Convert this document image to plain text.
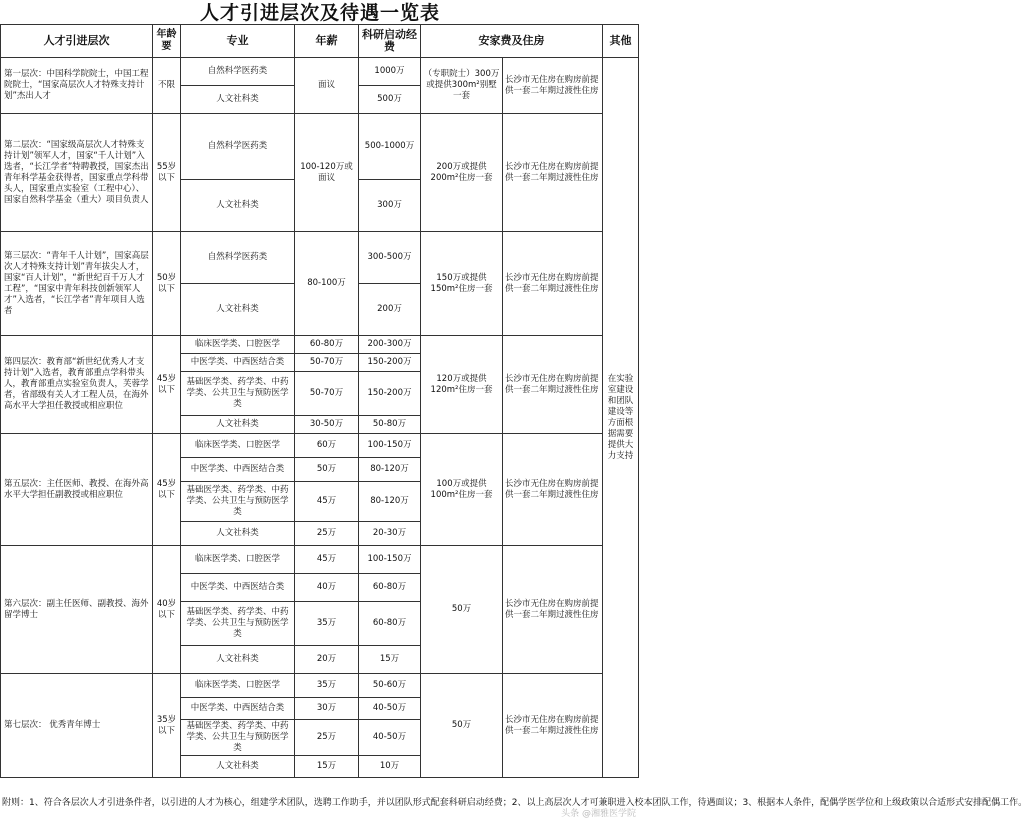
人才引进层次及待遇一览表
人才引进层次	年龄要	专业	年薪	科研启动经费	安家费及住房		其他
第一层次：中国科学院院士，中国工程院院士，“国家高层次人才特殊支持计划”杰出人才	不限	自然科学医药类	面议	1000万	（专职院士）300万或提供300m²别墅一套	长沙市无住房在购房前提供一套二年期过渡性住房	在实验室建设和团队建设等方面根据需要提供大力支持
		人文社科类		500万			
第二层次：“国家级高层次人才特殊支持计划”领军人才，国家“千人计划”入选者，“长江学者”特聘教授，国家杰出青年科学基金获得者，国家重点学科带头人，国家重点实验室（工程中心）、国家自然科学基金（重大）项目负责人	55岁以下	自然科学医药类	100-120万或面议	500-1000万	200万或提供200m²住房一套	长沙市无住房在购房前提供一套二年期过渡性住房	
		人文社科类		300万			
第三层次：“青年千人计划”，国家高层次人才特殊支持计划”青年拔尖人才，国家“百人计划”，“新世纪百千万人才工程”，“国家中青年科技创新领军人才”入选者，“长江学者”青年项目人选者	50岁以下	自然科学医药类	80-100万	300-500万	150万或提供150m²住房一套	长沙市无住房在购房前提供一套二年期过渡性住房	
		人文社科类		200万			
第四层次：教育部“新世纪优秀人才支持计划”入选者，教育部重点学科带头人，教育部重点实验室负责人，芙蓉学者，省部级有关人才工程人员，在海外高水平大学担任教授或相应职位	45岁以下	临床医学类、口腔医学	60-80万	200-300万	120万或提供120m²住房一套	长沙市无住房在购房前提供一套二年期过渡性住房	
		中医学类、中西医结合类	50-70万	150-200万			
		基础医学类、药学类、中药学类、公共卫生与预防医学类	50-70万	150-200万			
		人文社科类	30-50万	50-80万			
第五层次：主任医师、教授、在海外高水平大学担任副教授或相应职位	45岁以下	临床医学类、口腔医学	60万	100-150万	100万或提供100m²住房一套	长沙市无住房在购房前提供一套二年期过渡性住房	
		中医学类、中西医结合类	50万	80-120万			
		基础医学类、药学类、中药学类、公共卫生与预防医学类	45万	80-120万			
		人文社科类	25万	20-30万			
第六层次：副主任医师、副教授、海外留学博士	40岁以下	临床医学类、口腔医学	45万	100-150万	50万	长沙市无住房在购房前提供一套二年期过渡性住房	
		中医学类、中西医结合类	40万	60-80万			
		基础医学类、药学类、中药学类、公共卫生与预防医学类	35万	60-80万			
		人文社科类	20万	15万			
第七层次： 优秀青年博士	35岁以下	临床医学类、口腔医学	35万	50-60万	50万	长沙市无住房在购房前提供一套二年期过渡性住房	
		中医学类、中西医结合类	30万	40-50万			
		基础医学类、药学类、中药学类、公共卫生与预防医学类	25万	40-50万			
		人文社科类	15万	10万			
附则：1、符合各层次人才引进条件者，以引进的人才为核心，组建学术团队，选聘工作助手，并以团队形式配套科研启动经费；2、以上高层次人才可兼职进入校本团队工作，待遇面议；3、根据本人条件，配偶学医学位和上级政策以合适形式安排配偶工作。
头条 @湘雅医学院
